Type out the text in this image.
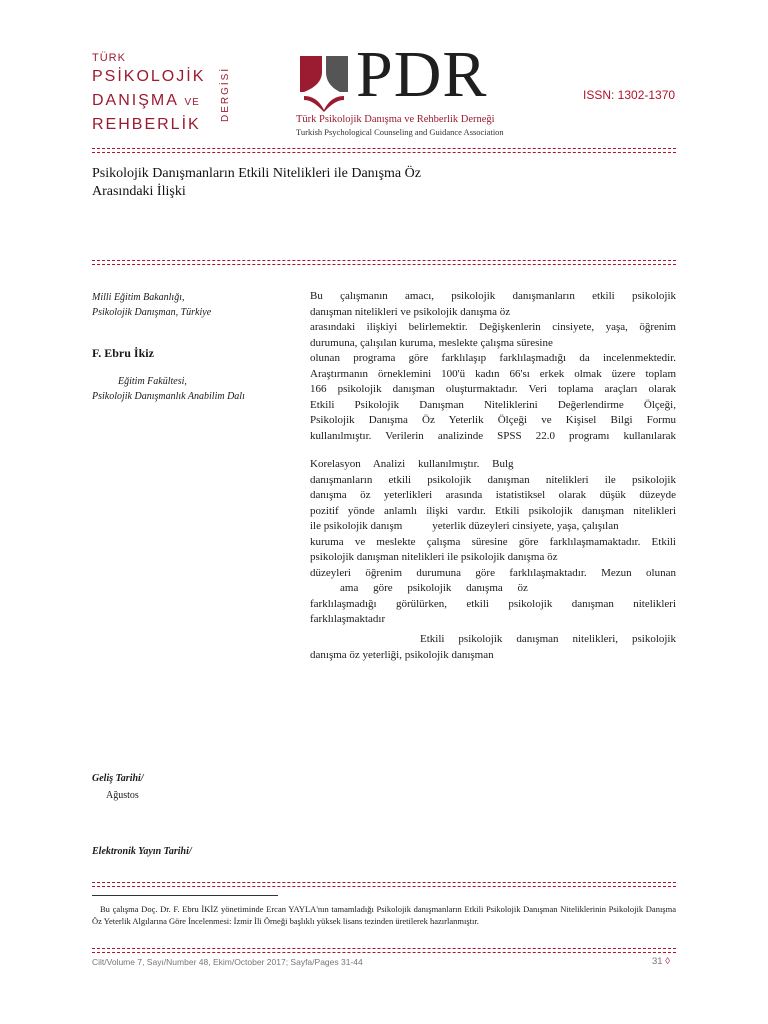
TÜRK
PSİKOLOJİK
DANIŞMA VE
REHBERLİK
DERGİSİ PDR
Türk Psikolojik Danışma ve Rehberlik Derneği
Turkish Psychological Counseling and Guidance Association
ISSN: 1302-1370
Psikolojik Danışmanların Etkili Nitelikleri ile Danışma Öz
Arasındaki İlişki
Milli Eğitim Bakanlığı,
Psikolojik Danışman, Türkiye
F. Ebru İkiz
Eğitim Fakültesi,
Psikolojik Danışmanlık Anabilim Dalı

Bu çalışmanın amacı, psikolojik danışmanların etkili psikolojik

danışman nitelikleri ve psikolojik danışma öz

arasındaki ilişkiyi belirlemektir. Değişkenlerin cinsiyete, yaşa, öğrenim

durumuna, çalışılan kuruma, meslekte çalışma süresine

olunan programa göre farklılaşıp farklılaşmadığı da incelenmektedir.

Araştırmanın örneklemini 100'ü kadın 66'sı erkek olmak üzere toplam

166 psikolojik danışman oluşturmaktadır. Veri toplama araçları olarak

Etkili Psikolojik Danışman Niteliklerini Değerlendirme Ölçeği,

Psikolojik Danışma Öz Yeterlik Ölçeği ve Kişisel Bilgi Formu

kullanılmıştır. Verilerin analizinde SPSS 22.0 programı kullanılarak

Korelasyon Analizi kullanılmıştır. Bulg

danışmanların etkili psikolojik danışman nitelikleri ile psikolojik

danışma öz yeterlikleri arasında istatistiksel olarak düşük düzeyde

pozitif yönde anlamlı ilişki vardır. Etkili psikolojik danışman nitelikleri

ile psikolojik danışm	yeterlik düzeyleri cinsiyete, yaşa, çalışılan

kuruma ve meslekte çalışma süresine göre farklılaşmamaktadır. Etkili

psikolojik danışman nitelikleri ile psikolojik danışma öz

düzeyleri öğrenim durumuna göre farklılaşmaktadır. Mezun olunan

ama göre psikolojik danışma öz

farklılaşmadığı görülürken, etkili psikolojik danışman nitelikleri

farklılaşmaktadır

Etkili psikolojik danışman nitelikleri, psikolojik

danışma öz yeterliği, psikolojik danışman

Geliş Tarihi/
Ağustos
Elektronik Yayın Tarihi/
Bu çalışma Doç. Dr. F. Ebru İKİZ yönetiminde Ercan YAYLA'nın tamamladığı Psikolojik danışmanların Etkili Psikolojik Danışman Niteliklerinin Psikolojik Danışma Öz Yeterlik Algılarına Göre İncelenmesi: İzmir İli Örneği başlıklı yüksek lisans tezinden üretilerek hazırlanmıştır.
Cilt/Volume 7, Sayı/Number 48, Ekim/October 2017; Sayfa/Pages 31-44	31 ◊
